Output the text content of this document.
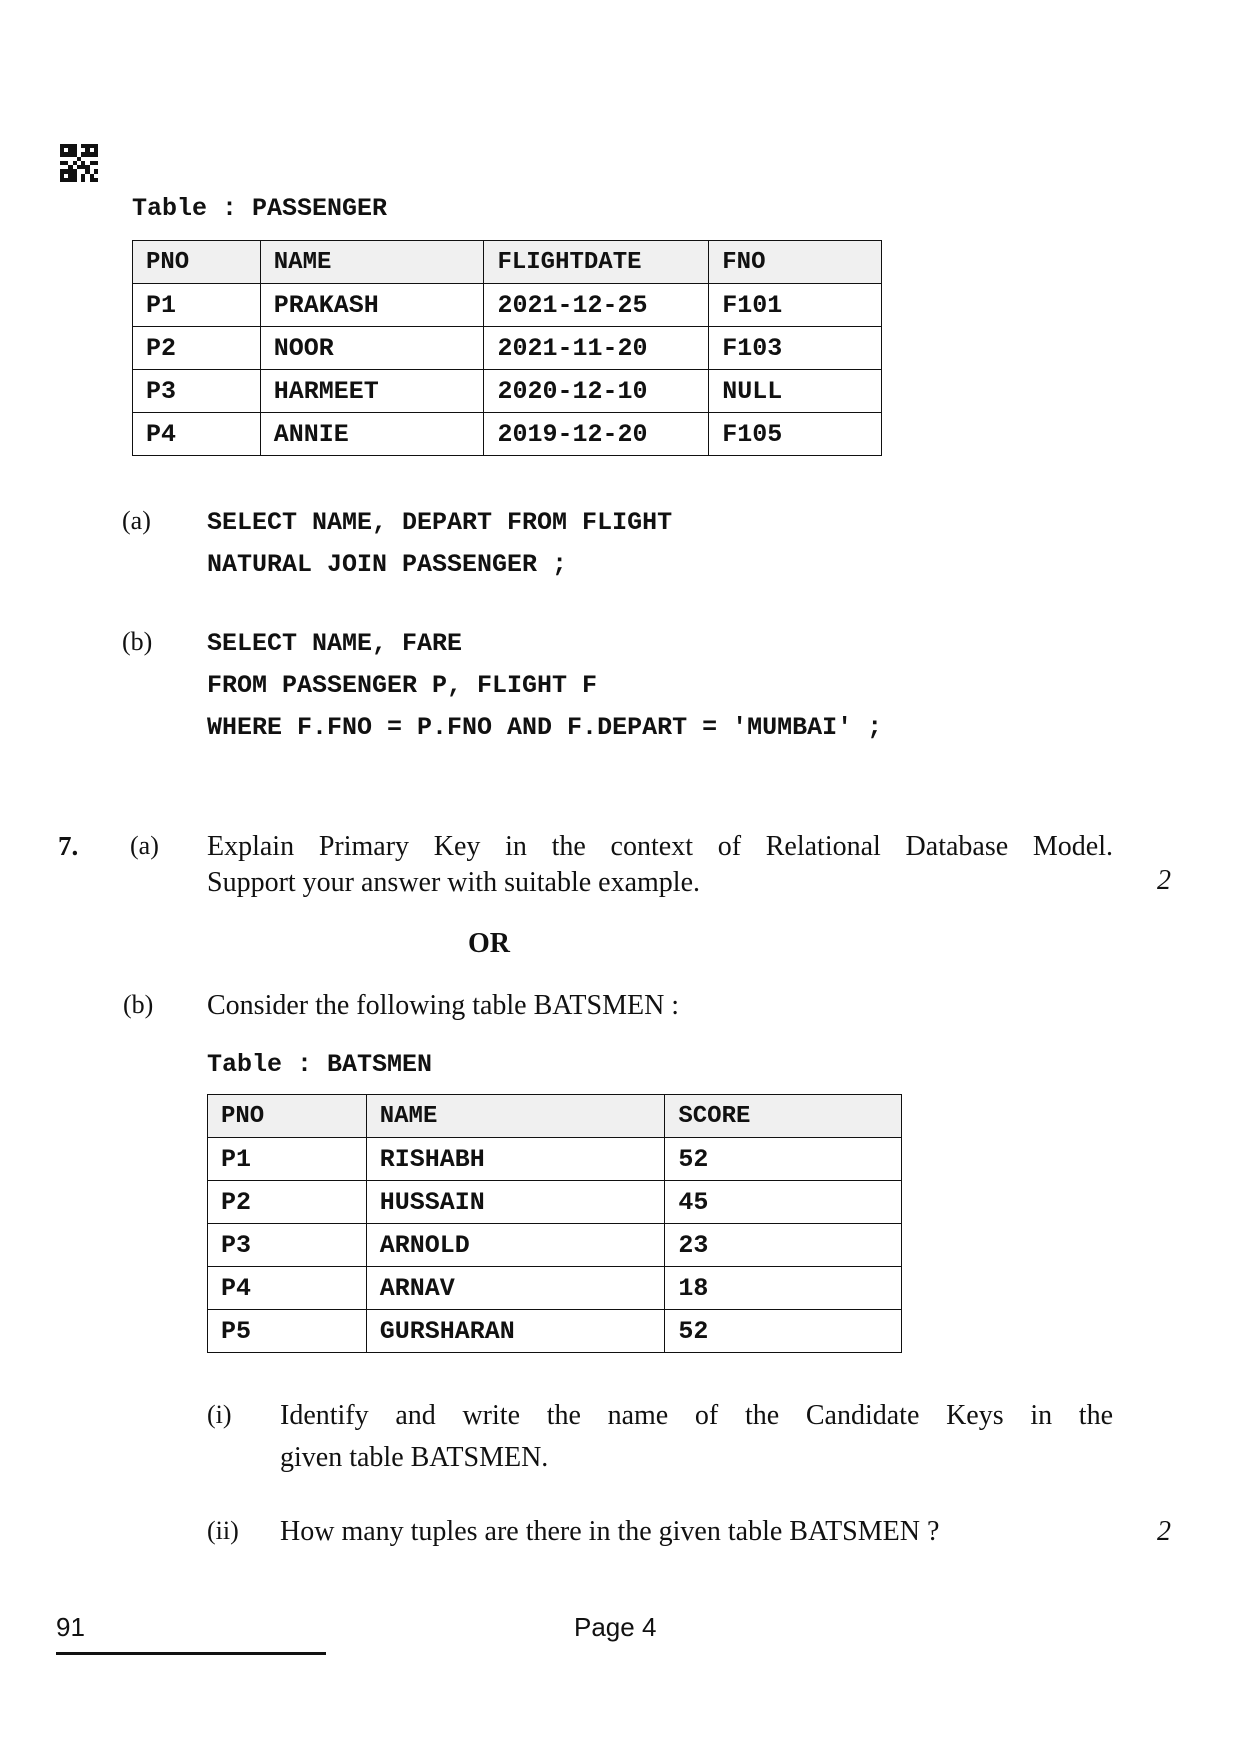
Table : PASSENGER
PNO	NAME	FLIGHTDATE	FNO
P1	PRAKASH	2021-12-25	F101
P2	NOOR	2021-11-20	F103
P3	HARMEET	2020-12-10	NULL
P4	ANNIE	2019-12-20	F105
(a) SELECT NAME, DEPART FROM FLIGHT
NATURAL JOIN PASSENGER ;
(b) SELECT NAME, FARE
FROM PASSENGER P, FLIGHT F
WHERE F.FNO = P.FNO AND F.DEPART = 'MUMBAI' ;
7. (a) Explain Primary Key in the context of Relational Database Model.
Support your answer with suitable example.	2
OR
(b) Consider the following table BATSMEN :
Table : BATSMEN
PNO	NAME	SCORE
P1	RISHABH	52
P2	HUSSAIN	45
P3	ARNOLD	23
P4	ARNAV	18
P5	GURSHARAN	52
(i) Identify and write the name of the Candidate Keys in the
given table BATSMEN.
(ii) How many tuples are there in the given table BATSMEN ?	2
91	Page 4
